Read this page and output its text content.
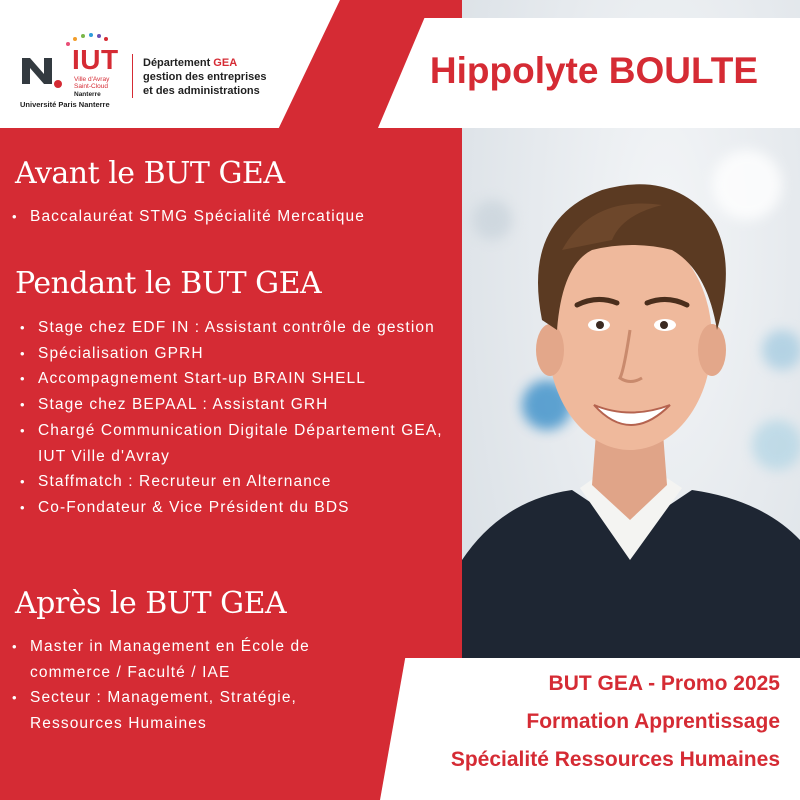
IUT
Ville d'Avray Saint-Cloud
Nanterre
Département GEA
gestion des entreprises
et des administrations
Université Paris Nanterre
Hippolyte BOULTE
Avant le BUT GEA
• Baccalauréat STMG Spécialité Mercatique
Pendant le BUT GEA
• Stage chez EDF IN : Assistant contrôle de gestion
• Spécialisation GPRH
• Accompagnement Start-up BRAIN SHELL
• Stage chez BEPAAL : Assistant GRH
• Chargé Communication Digitale Département GEA, IUT Ville d'Avray
• Staffmatch : Recruteur en Alternance
• Co-Fondateur & Vice Président du BDS
Après le BUT GEA
• Master in Management en École de commerce / Faculté / IAE
• Secteur : Management, Stratégie, Ressources Humaines
BUT GEA - Promo 2025
Formation Apprentissage
Spécialité Ressources Humaines
